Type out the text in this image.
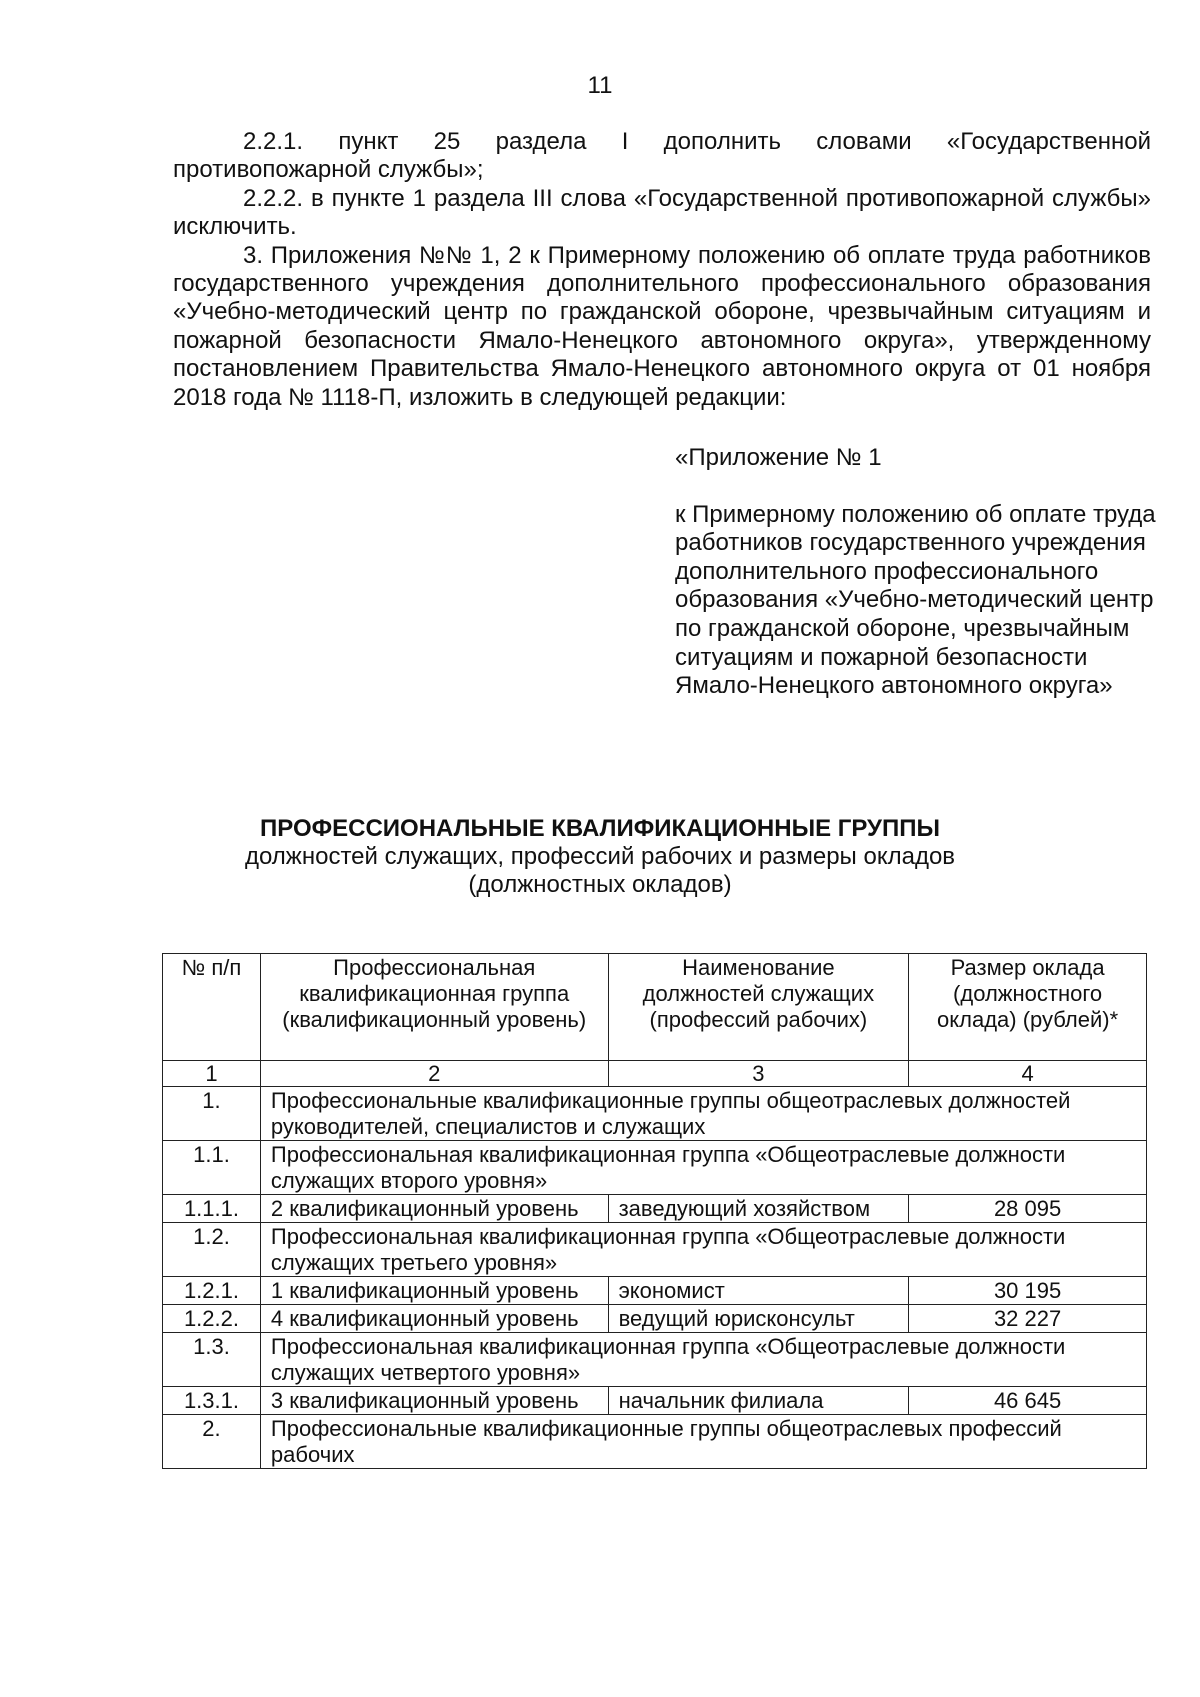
11

2.2.1. пункт 25 раздела I дополнить словами «Государственной противопожарной службы»;

2.2.2. в пункте 1 раздела III слова «Государственной противопожарной службы» исключить.

3. Приложения №№ 1, 2 к Примерному положению об оплате труда работников государственного учреждения дополнительного профессионального образования «Учебно-методический центр по гражданской обороне, чрезвычайным ситуациям и пожарной безопасности Ямало-Ненецкого автономного округа», утвержденному постановлением Правительства Ямало-Ненецкого автономного округа от 01 ноября 2018 года № 1118-П, изложить в следующей редакции:

«Приложение № 1

к Примерному положению об оплате труда работников государственного учреждения дополнительного профессионального образования «Учебно-методический центр по гражданской обороне, чрезвычайным ситуациям и пожарной безопасности Ямало-Ненецкого автономного округа»

ПРОФЕССИОНАЛЬНЫЕ КВАЛИФИКАЦИОННЫЕ ГРУППЫ
должностей служащих, профессий рабочих и размеры окладов
(должностных окладов)
№ п/п	Профессиональная квалификационная группа (квалификационный уровень)	Наименование должностей служащих (профессий рабочих)	Размер оклада (должностного оклада) (рублей)*
1	2	3	4
1.	Профессиональные квалификационные группы общеотраслевых должностей руководителей, специалистов и служащих		
1.1.	Профессиональная квалификационная группа «Общеотраслевые должности служащих второго уровня»		
1.1.1.	2 квалификационный уровень	заведующий хозяйством	28 095
1.2.	Профессиональная квалификационная группа «Общеотраслевые должности служащих третьего уровня»		
1.2.1.	1 квалификационный уровень	экономист	30 195
1.2.2.	4 квалификационный уровень	ведущий юрисконсульт	32 227
1.3.	Профессиональная квалификационная группа «Общеотраслевые должности служащих четвертого уровня»		
1.3.1.	3 квалификационный уровень	начальник филиала	46 645
2.	Профессиональные квалификационные группы общеотраслевых профессий рабочих		
